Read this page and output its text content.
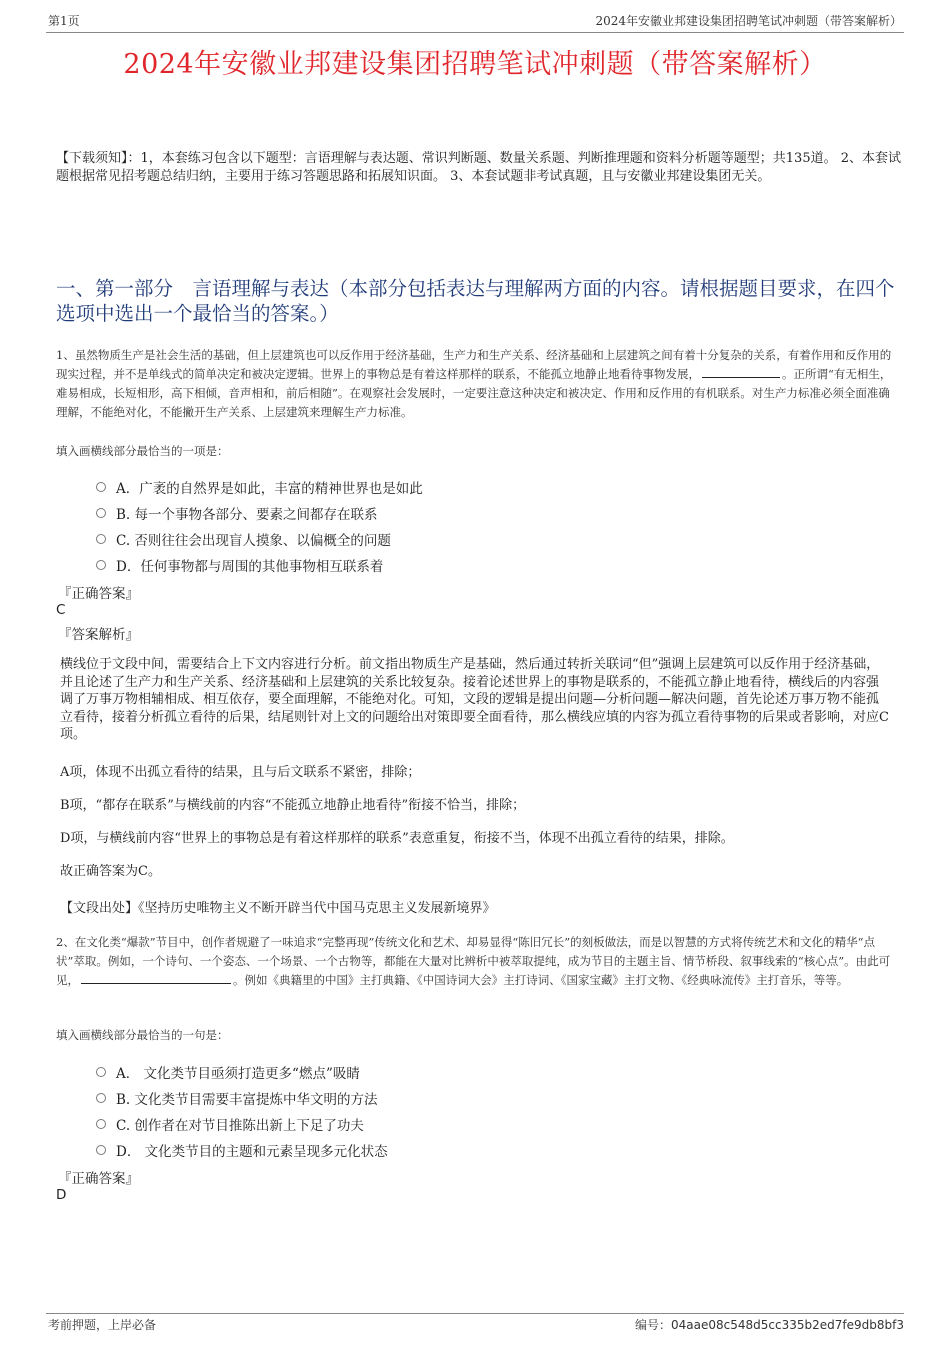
第1页	2024年安徽业邦建设集团招聘笔试冲刺题（带答案解析）
2024年安徽业邦建设集团招聘笔试冲刺题（带答案解析）
【下载须知】：1，本套练习包含以下题型：言语理解与表达题、常识判断题、数量关系题、判断推理题和资料分析题等题型；共135道。 2、本套试题根据常见招考题总结归纳，主要用于练习答题思路和拓展知识面。 3、本套试题非考试真题，且与安徽业邦建设集团无关。
一、第一部分　言语理解与表达（本部分包括表达与理解两方面的内容。请根据题目要求，在四个选项中选出一个最恰当的答案。）
1、虽然物质生产是社会生活的基础，但上层建筑也可以反作用于经济基础，生产力和生产关系、经济基础和上层建筑之间有着十分复杂的关系，有着作用和反作用的现实过程，并不是单线式的简单决定和被决定逻辑。世界上的事物总是有着这样那样的联系，不能孤立地静止地看待事物发展，	。正所谓“有无相生，难易相成，长短相形，高下相倾，音声相和，前后相随”。在观察社会发展时，一定要注意这种决定和被决定、作用和反作用的有机联系。对生产力标准必须全面准确理解，不能绝对化，不能撇开生产关系、上层建筑来理解生产力标准。
填入画横线部分最恰当的一项是：
A．广袤的自然界是如此，丰富的精神世界也是如此
B. 每一个事物各部分、要素之间都存在联系
C. 否则往往会出现盲人摸象、以偏概全的问题
D．任何事物都与周围的其他事物相互联系着
『正确答案』
C
『答案解析』
横线位于文段中间，需要结合上下文内容进行分析。前文指出物质生产是基础，然后通过转折关联词“但”强调上层建筑可以反作用于经济基础，并且论述了生产力和生产关系、经济基础和上层建筑的关系比较复杂。接着论述世界上的事物是联系的，不能孤立静止地看待，横线后的内容强调了万事万物相辅相成、相互依存，要全面理解，不能绝对化。可知，文段的逻辑是提出问题—分析问题—解决问题，首先论述万事万物不能孤立看待，接着分析孤立看待的后果，结尾则针对上文的问题给出对策即要全面看待，那么横线应填的内容为孤立看待事物的后果或者影响，对应C项。
A项，体现不出孤立看待的结果，且与后文联系不紧密，排除；
B项，“都存在联系”与横线前的内容“不能孤立地静止地看待”衔接不恰当，排除；
D项，与横线前内容“世界上的事物总是有着这样那样的联系”表意重复，衔接不当，体现不出孤立看待的结果，排除。
故正确答案为C。
【文段出处】《坚持历史唯物主义不断开辟当代中国马克思主义发展新境界》
2、在文化类“爆款”节目中，创作者规避了一味追求“完整再现”传统文化和艺术、却易显得“陈旧冗长”的刻板做法，而是以智慧的方式将传统艺术和文化的精华“点状”萃取。例如，一个诗句、一个姿态、一个场景、一个古物等，都能在大量对比辨析中被萃取提纯，成为节目的主题主旨、情节桥段、叙事线索的“核心点”。由此可见，	。例如《典籍里的中国》主打典籍、《中国诗词大会》主打诗词、《国家宝藏》主打文物、《经典咏流传》主打音乐，等等。
填入画横线部分最恰当的一句是：
A． 文化类节目亟须打造更多“燃点”吸睛
B. 文化类节目需要丰富提炼中华文明的方法
C. 创作者在对节目推陈出新上下足了功夫
D． 文化类节目的主题和元素呈现多元化状态
『正确答案』
D
考前押题，上岸必备	编号：04aae08c548d5cc335b2ed7fe9db8bf3
